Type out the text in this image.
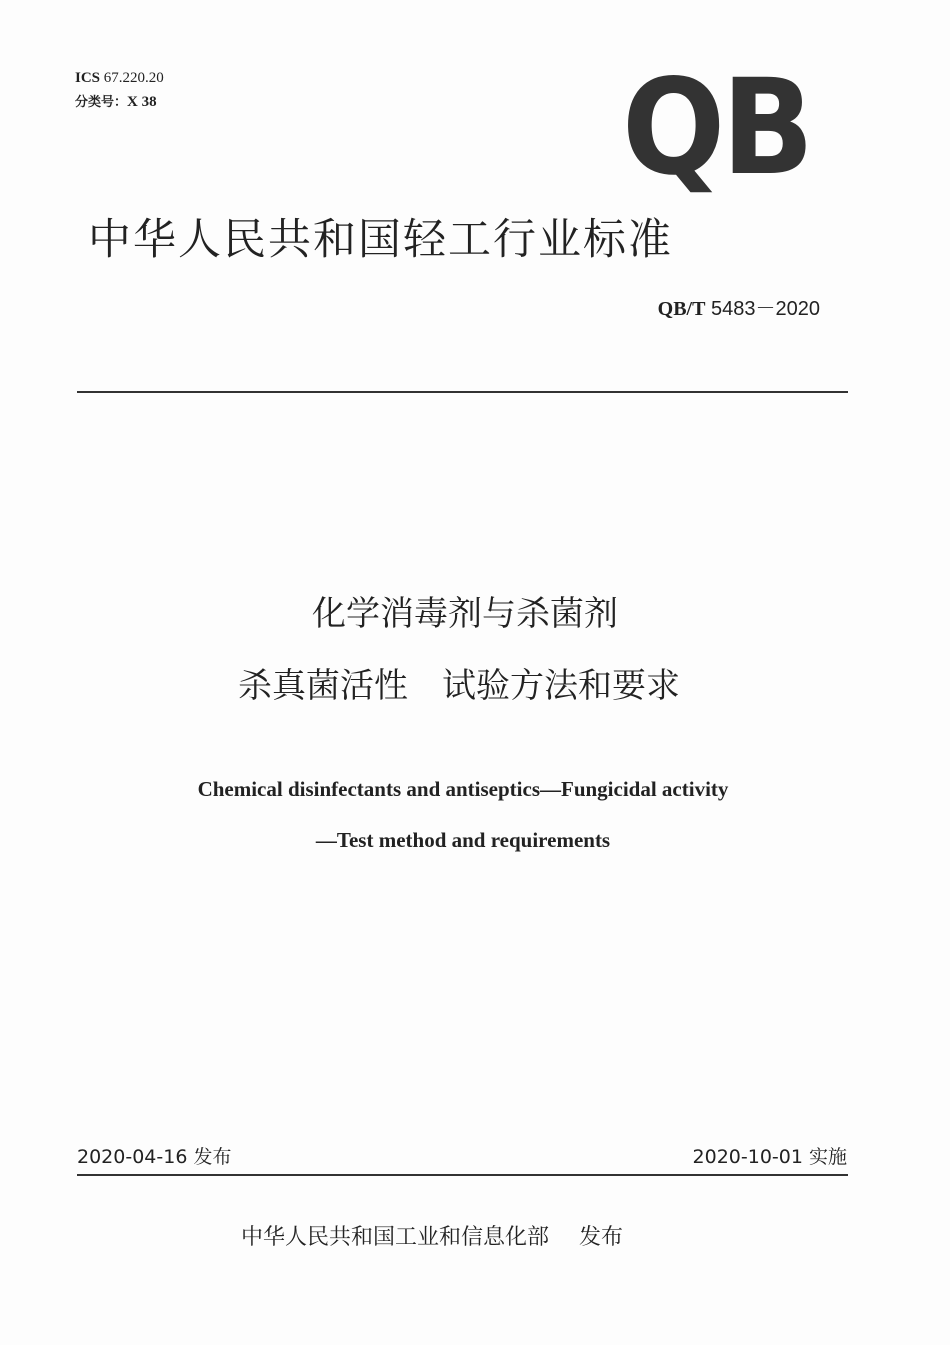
ICS 67.220.20
分类号：X 38	QB
中华人民共和国轻工行业标准
QB/T 5483－2020
化学消毒剂与杀菌剂
杀真菌活性　试验方法和要求
Chemical disinfectants and antiseptics—Fungicidal activity
—Test method and requirements
2020-04-16 发布	2020-10-01 实施
中华人民共和国工业和信息化部 发布
